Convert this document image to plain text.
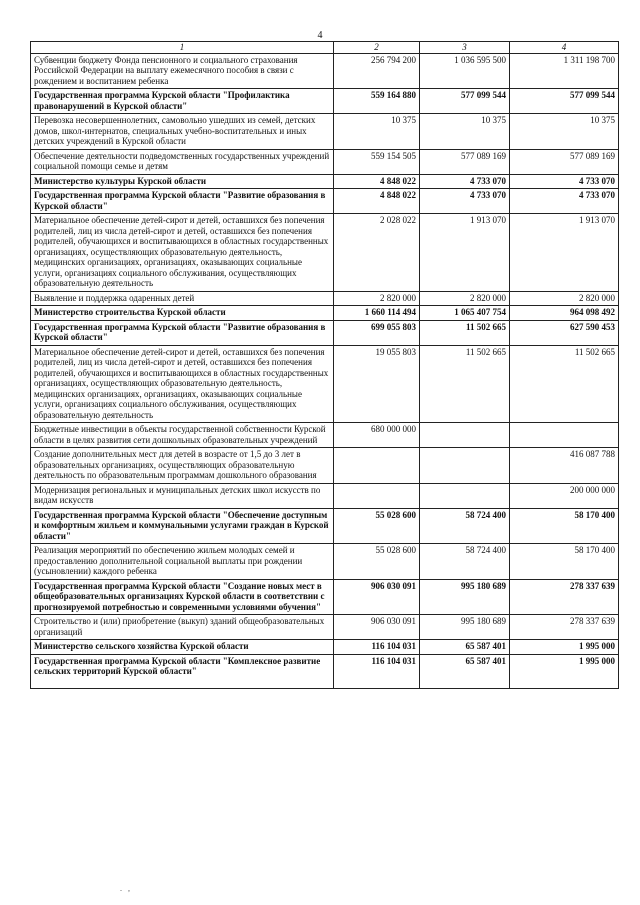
4
1	2	3	4
Субвенции бюджету Фонда пенсионного и социального страхования Российской Федерации на выплату ежемесячного пособия в связи с рождением и воспитанием ребенка	256 794 200	1 036 595 500	1 311 198 700
Государственная программа Курской области "Профилактика правонарушений в Курской области"	559 164 880	577 099 544	577 099 544
Перевозка несовершеннолетних, самовольно ушедших из семей, детских домов, школ-интернатов, специальных учебно-воспитательных и иных детских учреждений в Курской области	10 375	10 375	10 375
Обеспечение деятельности подведомственных государственных учреждений социальной помощи семье и детям	559 154 505	577 089 169	577 089 169
Министерство культуры Курской области	4 848 022	4 733 070	4 733 070
Государственная программа Курской области "Развитие образования в Курской области"	4 848 022	4 733 070	4 733 070
Материальное обеспечение детей-сирот и детей, оставшихся без попечения родителей, лиц из числа детей-сирот и детей, оставшихся без попечения родителей, обучающихся и воспитывающихся в областных государственных организациях, осуществляющих образовательную деятельность, медицинских организациях, организациях, оказывающих социальные услуги, организациях социального обслуживания, осуществляющих образовательную деятельность	2 028 022	1 913 070	1 913 070
Выявление и поддержка одаренных детей	2 820 000	2 820 000	2 820 000
Министерство строительства Курской области	1 660 114 494	1 065 407 754	964 098 492
Государственная программа Курской области "Развитие образования в Курской области"	699 055 803	11 502 665	627 590 453
Материальное обеспечение детей-сирот и детей, оставшихся без попечения родителей, лиц из числа детей-сирот и детей, оставшихся без попечения родителей, обучающихся и воспитывающихся в областных государственных организациях, осуществляющих образовательную деятельность, медицинских организациях, организациях, оказывающих социальные услуги, организациях социального обслуживания, осуществляющих образовательную деятельность	19 055 803	11 502 665	11 502 665
Бюджетные инвестиции в объекты государственной собственности Курской области в целях развития сети дошкольных образовательных учреждений	680 000 000		
Создание дополнительных мест для детей в возрасте от 1,5 до 3 лет в образовательных организациях, осуществляющих образовательную деятельность по образовательным программам дошкольного образования			416 087 788
Модернизация региональных и муниципальных детских школ искусств по видам искусств			200 000 000
Государственная программа Курской области "Обеспечение доступным и комфортным жильем и коммунальными услугами граждан в Курской области"	55 028 600	58 724 400	58 170 400
Реализация мероприятий по обеспечению жильем молодых семей и предоставлению дополнительной социальной выплаты при рождении (усыновлении) каждого ребенка	55 028 600	58 724 400	58 170 400
Государственная программа Курской области "Создание новых мест в общеобразовательных организациях Курской области в соответствии с прогнозируемой потребностью и современными условиями обучения"	906 030 091	995 180 689	278 337 639
Строительство и (или) приобретение (выкуп) зданий общеобразовательных организаций	906 030 091	995 180 689	278 337 639
Министерство сельского хозяйства Курской области	116 104 031	65 587 401	1 995 000
Государственная программа Курской области "Комплексное развитие сельских территорий Курской области"	116 104 031	65 587 401	1 995 000
.   ,
